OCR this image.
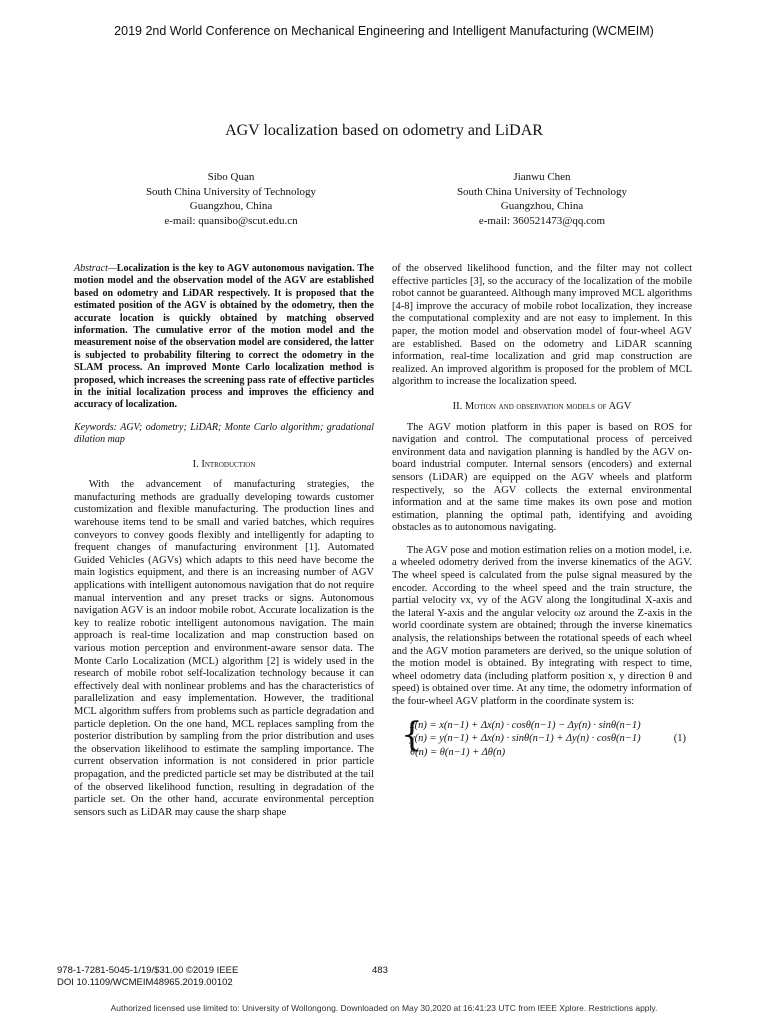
2019 2nd World Conference on Mechanical Engineering and Intelligent Manufacturing (WCMEIM)
AGV localization based on odometry and LiDAR
Sibo Quan
South China University of Technology
Guangzhou, China
e-mail: quansibo@scut.edu.cn
Jianwu Chen
South China University of Technology
Guangzhou, China
e-mail: 360521473@qq.com

Abstract—Localization is the key to AGV autonomous navigation. The motion model and the observation model of the AGV are established based on odometry and LiDAR respectively. It is proposed that the estimated position of the AGV is obtained by the odometry, then the accurate location is quickly obtained by matching observed information. The cumulative error of the motion model and the measurement noise of the observation model are considered, the latter is subjected to probability filtering to correct the odometry in the SLAM process. An improved Monte Carlo localization method is proposed, which increases the screening pass rate of effective particles in the initial localization process and improves the efficiency and accuracy of localization.

Keywords: AGV; odometry; LiDAR; Monte Carlo algorithm; gradational dilation map

I. Introduction

With the advancement of manufacturing strategies, the manufacturing methods are gradually developing towards customer customization and flexible manufacturing. The production lines and warehouse items tend to be small and varied batches, which requires conveyors to convey goods flexibly and intelligently for adapting to frequent changes of manufacturing environment [1]. Automated Guided Vehicles (AGVs) which adapts to this need have become the main logistics equipment, and there is an increasing number of AGV applications with intelligent autonomous navigation that do not require manual intervention and any preset tracks or signs. Autonomous navigation AGV is an indoor mobile robot. Accurate localization is the key to realize robotic intelligent autonomous navigation. The main approach is real-time localization and map construction based on various motion perception and environment-aware sensor data. The Monte Carlo Localization (MCL) algorithm [2] is widely used in the research of mobile robot self-localization technology because it can effectively deal with nonlinear problems and has the characteristics of parallelization and easy implementation. However, the traditional MCL algorithm suffers from problems such as particle degradation and particle depletion. On the one hand, MCL replaces sampling from the posterior distribution by sampling from the prior distribution and uses the observation likelihood to estimate the sampling importance. The current observation information is not considered in prior particle propagation, and the predicted particle set may be distributed at the tail of the observed likelihood function, resulting in degradation of the particle set. On the other hand, accurate environmental perception sensors such as LiDAR may cause the sharp shape

of the observed likelihood function, and the filter may not collect effective particles [3], so the accuracy of the localization of the mobile robot cannot be guaranteed. Although many improved MCL algorithms [4-8] improve the accuracy of mobile robot localization, they increase the computational complexity and are not easy to implement. In this paper, the motion model and observation model of four-wheel AGV are established. Based on the odometry and LiDAR scanning information, real-time localization and grid map construction are realized. An improved algorithm is proposed for the problem of MCL algorithm to increase the localization speed.

II. Motion and observation models of AGV

The AGV motion platform in this paper is based on ROS for navigation and control. The computational process of perceived environment data and navigation planning is handled by the AGV on-board industrial computer. Internal sensors (encoders) and external sensors (LiDAR) are equipped on the AGV wheels and platform respectively, so the AGV collects the external environmental information and at the same time makes its own pose and motion estimation, planning the optimal path, identifying and avoiding obstacles as to autonomous navigating.

The AGV pose and motion estimation relies on a motion model, i.e. a wheeled odometry derived from the inverse kinematics of the AGV. The wheel speed is calculated from the pulse signal measured by the encoder. According to the wheel speed and the train structure, the partial velocity vx, vy of the AGV along the longitudinal X-axis and the lateral Y-axis and the angular velocity ωz around the Z-axis in the world coordinate system are obtained; through the inverse kinematics analysis, the relationships between the rotational speeds of each wheel and the AGV motion parameters are derived, so the unique solution of the motion model is obtained. By integrating with respect to time, wheel odometry data (including platform position x, y direction θ and speed) is obtained over time. At any time, the odometry information of the four-wheel AGV platform in the coordinate system is:

{
x(n) = x(n−1) + Δx(n) · cosθ(n−1) − Δy(n) · sinθ(n−1)
y(n) = y(n−1) + Δx(n) · sinθ(n−1) + Δy(n) · cosθ(n−1)
θ(n) = θ(n−1) + Δθ(n)
(1)
978-1-7281-5045-1/19/$31.00 ©2019 IEEE
DOI 10.1109/WCMEIM48965.2019.00102
483
Authorized licensed use limited to: University of Wollongong. Downloaded on May 30,2020 at 16:41:23 UTC from IEEE Xplore. Restrictions apply.
